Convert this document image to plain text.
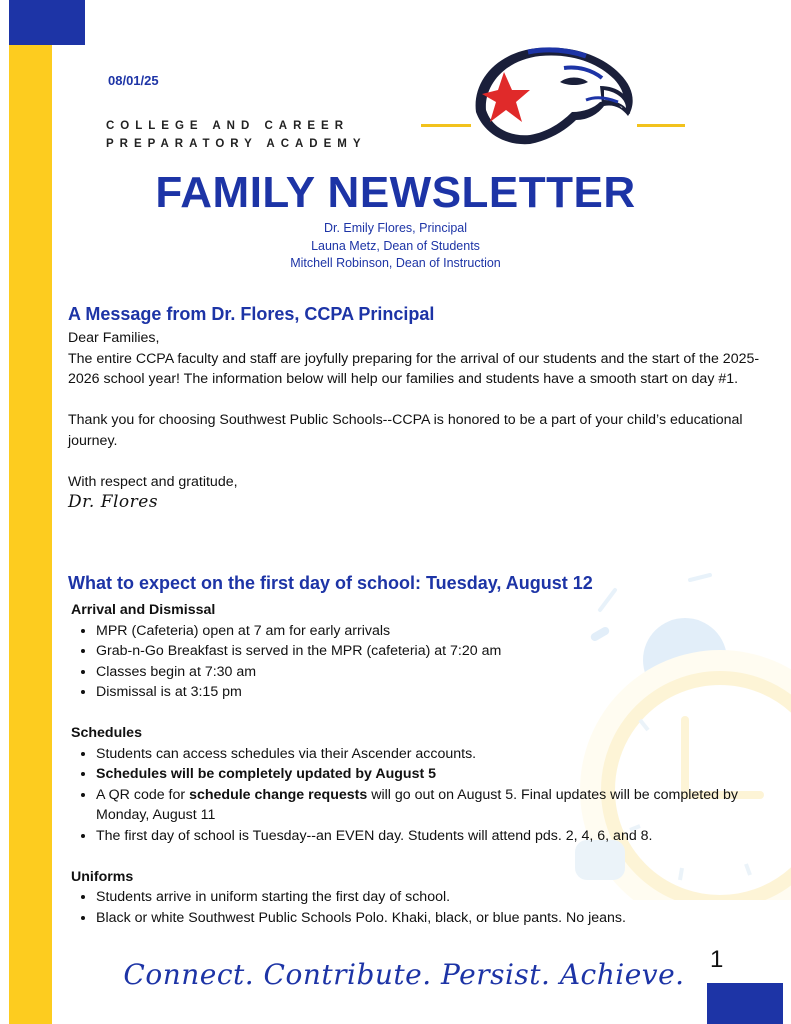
08/01/25
COLLEGE AND CAREER
PREPARATORY ACADEMY
FAMILY NEWSLETTER
Dr. Emily Flores, Principal
Launa Metz, Dean of Students
Mitchell Robinson, Dean of Instruction
A Message from Dr. Flores, CCPA Principal

Dear Families,

The entire CCPA faculty and staff are joyfully preparing for the arrival of our students and the start of the 2025-2026 school year! The information below will help our families and students have a smooth start on day #1.

Thank you for choosing Southwest Public Schools--CCPA is honored to be a part of your child’s educational journey.

With respect and gratitude,

Dr. Flores

What to expect on the first day of school: Tuesday, August 12
Arrival and Dismissal
• MPR (Cafeteria) open at 7 am for early arrivals
• Grab-n-Go Breakfast is served in the MPR (cafeteria) at 7:20 am
• Classes begin at 7:30 am
• Dismissal is at 3:15 pm
Schedules
• Students can access schedules via their Ascender accounts.
• Schedules will be completely updated by August 5
• A QR code for schedule change requests will go out on August 5. Final updates will be completed by Monday, August 11
• The first day of school is Tuesday--an EVEN day. Students will attend pds. 2, 4, 6, and 8.
Uniforms
• Students arrive in uniform starting the first day of school.
• Black or white Southwest Public Schools Polo. Khaki, black, or blue pants. No jeans.
1
Connect. Contribute. Persist. Achieve.
